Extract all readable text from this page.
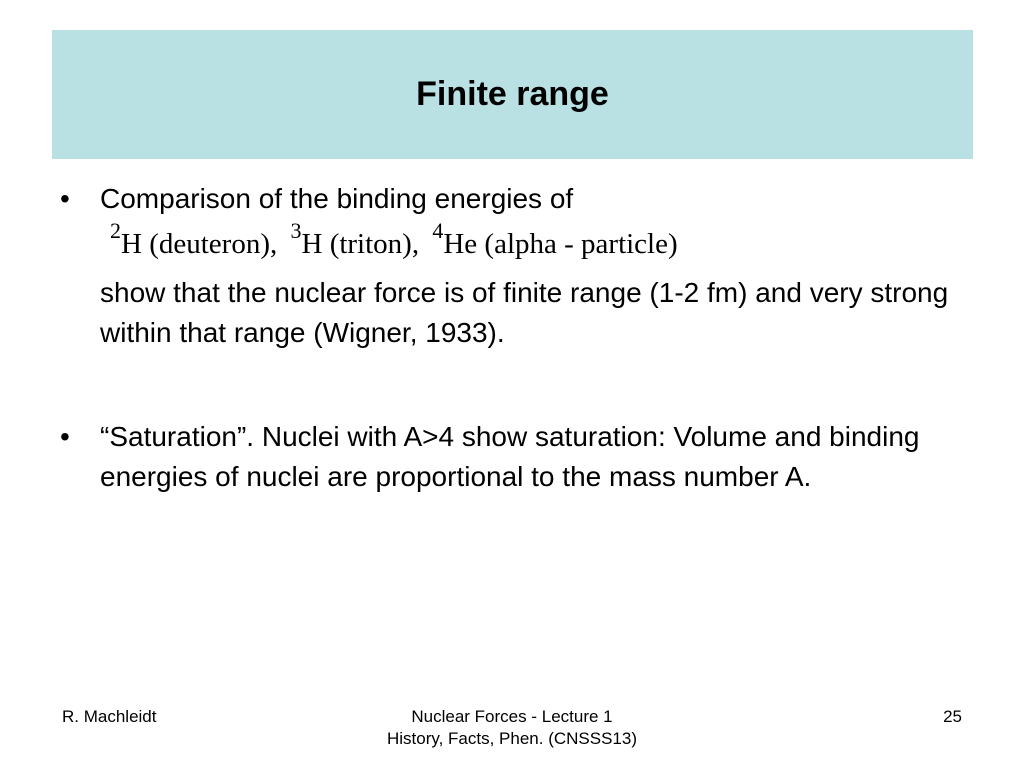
Finite range
•	Comparison of the binding energies of
$^2$H (deuteron), $^3$H (triton), $^4$He (alpha - particle)
show that the nuclear force is of finite range (1-2 fm) and very strong within that range (Wigner, 1933).
•	“Saturation”. Nuclei with A>4 show saturation: Volume and binding energies of nuclei are proportional to the mass number A.
R. Machleidt	Nuclear Forces - Lecture 1
History, Facts, Phen. (CNSSS13)
25
